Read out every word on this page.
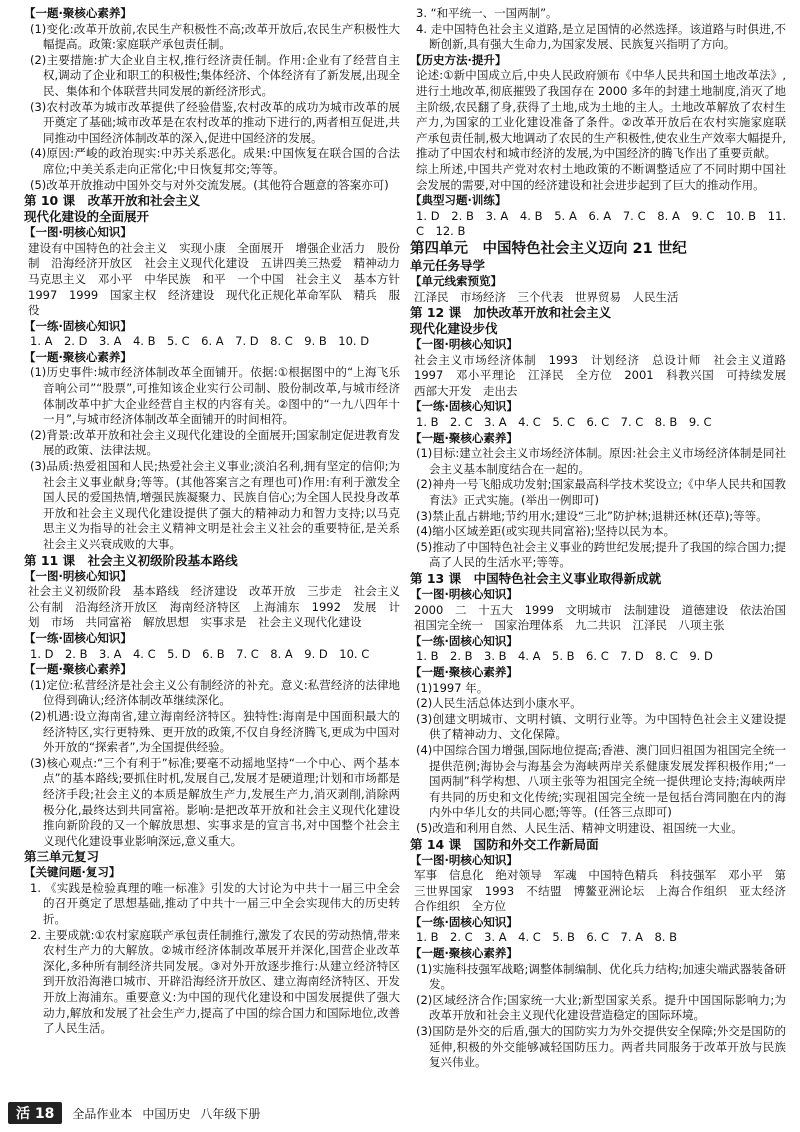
【一题·聚核心素养】

(1)变化:改革开放前,农民生产积极性不高;改革开放后,农民生产积极性大幅提高。政策:家庭联产承包责任制。

(2)主要措施:扩大企业自主权,推行经济责任制。作用:企业有了经营自主权,调动了企业和职工的积极性;集体经济、个体经济有了新发展,出现全民、集体和个体联营共同发展的新经济形式。

(3)农村改革为城市改革提供了经验借鉴,农村改革的成功为城市改革的展开奠定了基础;城市改革是在农村改革的推动下进行的,两者相互促进,共同推动中国经济体制改革的深入,促进中国经济的发展。

(4)原因:严峻的政治现实:中苏关系恶化。成果:中国恢复在联合国的合法席位;中美关系走向正常化;中日恢复邦交;等等。

(5)改革开放推动中国外交与对外交流发展。(其他符合题意的答案亦可)

第 10 课　改革开放和社会主义

现代化建设的全面展开

【一图·明核心知识】

建设有中国特色的社会主义　实现小康　全面展开　增强企业活力　股份制　沿海经济开放区　社会主义现代化建设　五讲四美三热爱　精神动力　马克思主义　邓小平　中华民族　和平　一个中国　社会主义　基本方针　1997　1999　国家主权　经济建设　现代化正规化革命军队　精兵　服役

【一练·固核心知识】

1. A　2. D　3. A　4. B　5. C　6. A　7. D　8. C　9. B　10. D

【一题·聚核心素养】

(1)历史事件:城市经济体制改革全面铺开。依据:①根据图中的“上海飞乐音响公司”“股票”,可推知该企业实行公司制、股份制改革,与城市经济体制改革中扩大企业经营自主权的内容有关。②图中的“一九八四年十一月”,与城市经济体制改革全面铺开的时间相符。

(2)背景:改革开放和社会主义现代化建设的全面展开;国家制定促进教育发展的政策、法律法规。

(3)品质:热爱祖国和人民;热爱社会主义事业;淡泊名利,拥有坚定的信仰;为社会主义事业献身;等等。(其他答案言之有理也可)作用:有利于激发全国人民的爱国热情,增强民族凝聚力、民族自信心;为全国人民投身改革开放和社会主义现代化建设提供了强大的精神动力和智力支持;以马克思主义为指导的社会主义精神文明是社会主义社会的重要特征,是关系社会主义兴衰成败的大事。

第 11 课　社会主义初级阶段基本路线

【一图·明核心知识】

社会主义初级阶段　基本路线　经济建设　改革开放　三步走　社会主义公有制　沿海经济开放区　海南经济特区　上海浦东　1992　发展　计划　市场　共同富裕　解放思想　实事求是　社会主义现代化建设

【一练·固核心知识】

1. D　2. B　3. A　4. C　5. D　6. B　7. C　8. A　9. D　10. C

【一题·聚核心素养】

(1)定位:私营经济是社会主义公有制经济的补充。意义:私营经济的法律地位得到确认;经济体制改革继续深化。

(2)机遇:设立海南省,建立海南经济特区。独特性:海南是中国面积最大的经济特区,实行更特殊、更开放的政策,不仅自身经济腾飞,更成为中国对外开放的“探索者”,为全国提供经验。

(3)核心观点:“三个有利于”标准;要毫不动摇地坚持“一个中心、两个基本点”的基本路线;要抓住时机,发展自己,发展才是硬道理;计划和市场都是经济手段;社会主义的本质是解放生产力,发展生产力,消灭剥削,消除两极分化,最终达到共同富裕。影响:是把改革开放和社会主义现代化建设推向新阶段的又一个解放思想、实事求是的宣言书,对中国整个社会主义现代化建设事业影响深远,意义重大。

第三单元复习

【关键问题·复习】

1. 《实践是检验真理的唯一标准》引发的大讨论为中共十一届三中全会的召开奠定了思想基础,推动了中共十一届三中全会实现伟大的历史转折。

2. 主要成就:①农村家庭联产承包责任制推行,激发了农民的劳动热情,带来农村生产力的大解放。②城市经济体制改革展开并深化,国营企业改革深化,多种所有制经济共同发展。③对外开放逐步推行:从建立经济特区到开放沿海港口城市、开辟沿海经济开放区、建立海南经济特区、开发开放上海浦东。重要意义:为中国的现代化建设和中国发展提供了强大动力,解放和发展了社会生产力,提高了中国的综合国力和国际地位,改善了人民生活。

3. “和平统一、一国两制”。

4. 走中国特色社会主义道路,是立足国情的必然选择。该道路与时俱进,不断创新,具有强大生命力,为国家发展、民族复兴指明了方向。

【历史方法·提升】

论述:①新中国成立后,中央人民政府颁布《中华人民共和国土地改革法》,进行土地改革,彻底摧毁了我国存在 2000 多年的封建土地制度,消灭了地主阶级,农民翻了身,获得了土地,成为土地的主人。土地改革解放了农村生产力,为国家的工业化建设准备了条件。②改革开放后在农村实施家庭联产承包责任制,极大地调动了农民的生产积极性,使农业生产效率大幅提升,推动了中国农村和城市经济的发展,为中国经济的腾飞作出了重要贡献。

综上所述,中国共产党对农村土地政策的不断调整适应了不同时期中国社会发展的需要,对中国的经济建设和社会进步起到了巨大的推动作用。

【典型习题·训练】

1. D　2. B　3. A　4. B　5. A　6. A　7. C　8. A　9. C　10. B　11. C　12. B

第四单元　中国特色社会主义迈向 21 世纪

单元任务导学

【单元线索预览】

江泽民　市场经济　三个代表　世界贸易　人民生活

第 12 课　加快改革开放和社会主义

现代化建设步伐

【一图·明核心知识】

社会主义市场经济体制　1993　计划经济　总设计师　社会主义道路　1997　邓小平理论　江泽民　全方位　2001　科教兴国　可持续发展　西部大开发　走出去

【一练·固核心知识】

1. B　2. C　3. A　4. C　5. C　6. C　7. C　8. B　9. C

【一题·聚核心素养】

(1)目标:建立社会主义市场经济体制。原因:社会主义市场经济体制是同社会主义基本制度结合在一起的。

(2)神舟一号飞船成功发射;国家最高科学技术奖设立;《中华人民共和国教育法》正式实施。(举出一例即可)

(3)禁止乱占耕地;节约用水;建设“三北”防护林;退耕还林(还草);等等。

(4)缩小区域差距(或实现共同富裕);坚持以民为本。

(5)推动了中国特色社会主义事业的跨世纪发展;提升了我国的综合国力;提高了人民的生活水平;等等。

第 13 课　中国特色社会主义事业取得新成就

【一图·明核心知识】

2000　二　十五大　1999　文明城市　法制建设　道德建设　依法治国　祖国完全统一　国家治理体系　九二共识　江泽民　八项主张

【一练·固核心知识】

1. B　2. B　3. B　4. A　5. B　6. C　7. D　8. C　9. D

【一题·聚核心素养】

(1)1997 年。

(2)人民生活总体达到小康水平。

(3)创建文明城市、文明村镇、文明行业等。为中国特色社会主义建设提供了精神动力、文化保障。

(4)中国综合国力增强,国际地位提高;香港、澳门回归祖国为祖国完全统一提供范例;海协会与海基会为海峡两岸关系健康发展发挥积极作用;“一国两制”科学构想、八项主张等为祖国完全统一提供理论支持;海峡两岸有共同的历史和文化传统;实现祖国完全统一是包括台湾同胞在内的海内外中华儿女的共同心愿;等等。(任答三点即可)

(5)改造和利用自然、人民生活、精神文明建设、祖国统一大业。

第 14 课　国防和外交工作新局面

【一图·明核心知识】

军事　信息化　绝对领导　军魂　中国特色精兵　科技强军　邓小平　第三世界国家　1993　不结盟　博鳌亚洲论坛　上海合作组织　亚太经济合作组织　全方位

【一练·固核心知识】

1. B　2. C　3. A　4. C　5. B　6. C　7. A　8. B

【一题·聚核心素养】

(1)实施科技强军战略;调整体制编制、优化兵力结构;加速尖端武器装备研发。

(2)区域经济合作;国家统一大业;新型国家关系。提升中国国际影响力;为改革开放和社会主义现代化建设营造稳定的国际环境。

(3)国防是外交的后盾,强大的国防实力为外交提供安全保障;外交是国防的延伸,积极的外交能够减轻国防压力。两者共同服务于改革开放与民族复兴伟业。

活 18	全品作业本 中国历史 八年级下册
